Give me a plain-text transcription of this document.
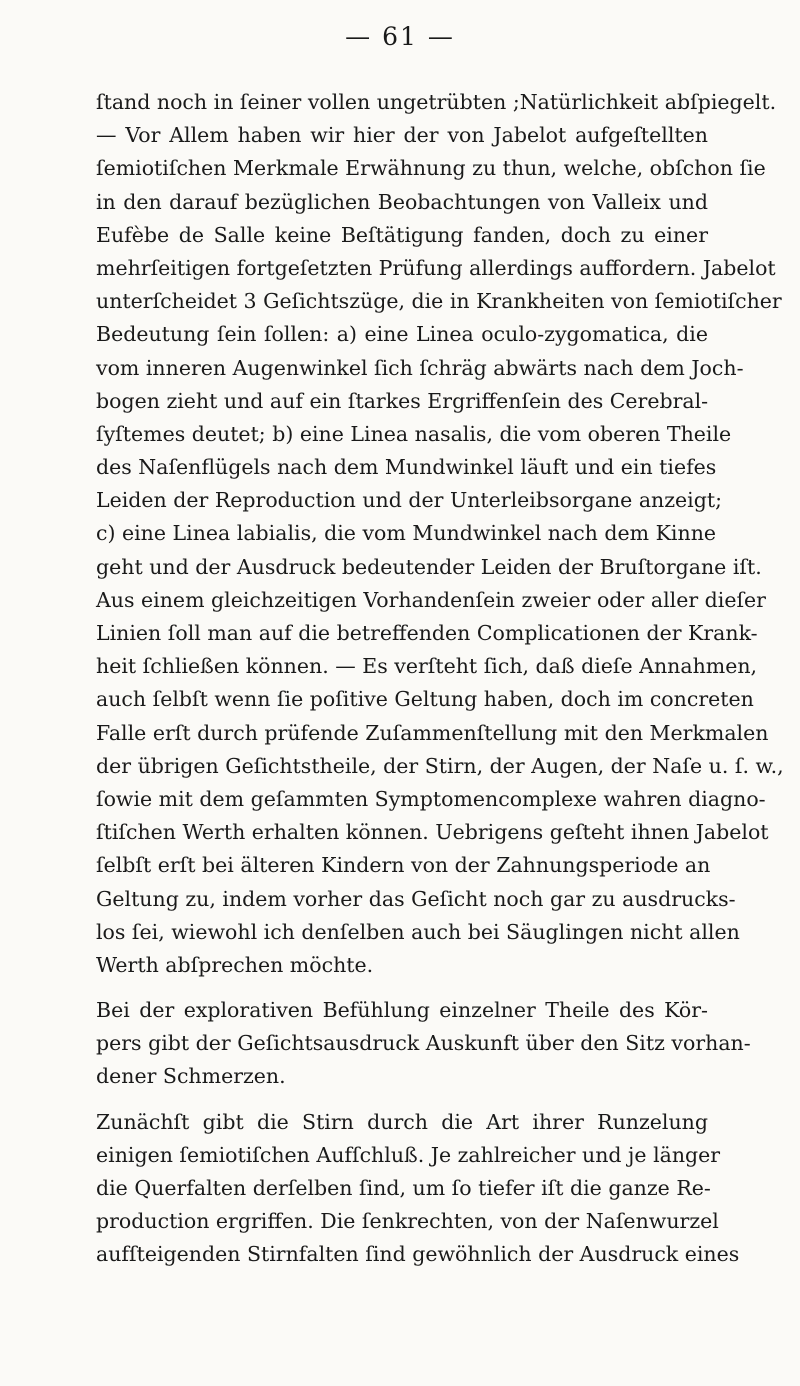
— 61 —
ſtand noch in ſeiner vollen ungetrübten ;Natürlichkeit abſpiegelt.
— Vor Allem haben wir hier der von Jabelot aufgeſtellten
ſemiotiſchen Merkmale Erwähnung zu thun, welche, obſchon ſie
in den darauf bezüglichen Beobachtungen von Valleix und
Eufèbe de Salle keine Beſtätigung fanden, doch zu einer
mehrſeitigen fortgeſetzten Prüfung allerdings auffordern. Jabelot
unterſcheidet 3 Geſichtszüge, die in Krankheiten von ſemiotiſcher
Bedeutung ſein ſollen: a) eine Linea oculo-zygomatica, die
vom inneren Augenwinkel ſich ſchräg abwärts nach dem Joch-
bogen zieht und auf ein ſtarkes Ergriffenſein des Cerebral-
ſyſtemes deutet; b) eine Linea nasalis, die vom oberen Theile
des Naſenflügels nach dem Mundwinkel läuft und ein tiefes
Leiden der Reproduction und der Unterleibsorgane anzeigt;
c) eine Linea labialis, die vom Mundwinkel nach dem Kinne
geht und der Ausdruck bedeutender Leiden der Bruſtorgane iſt.
Aus einem gleichzeitigen Vorhandenſein zweier oder aller dieſer
Linien ſoll man auf die betreffenden Complicationen der Krank-
heit ſchließen können. — Es verſteht ſich, daß dieſe Annahmen,
auch ſelbſt wenn ſie poſitive Geltung haben, doch im concreten
Falle erſt durch prüfende Zuſammenſtellung mit den Merkmalen
der übrigen Geſichtstheile, der Stirn, der Augen, der Naſe u. ſ. w.,
ſowie mit dem geſammten Symptomencomplexe wahren diagno-
ſtiſchen Werth erhalten können. Uebrigens geſteht ihnen Jabelot
ſelbſt erſt bei älteren Kindern von der Zahnungsperiode an
Geltung zu, indem vorher das Geſicht noch gar zu ausdrucks-
los ſei, wiewohl ich denſelben auch bei Säuglingen nicht allen
Werth abſprechen möchte.
Bei der explorativen Befühlung einzelner Theile des Kör-
pers gibt der Geſichtsausdruck Auskunft über den Sitz vorhan-
dener Schmerzen.
Zunächſt gibt die Stirn durch die Art ihrer Runzelung
einigen ſemiotiſchen Aufſchluß. Je zahlreicher und je länger
die Querfalten derſelben ſind, um ſo tiefer iſt die ganze Re-
production ergriffen. Die ſenkrechten, von der Naſenwurzel
aufſteigenden Stirnfalten ſind gewöhnlich der Ausdruck eines
